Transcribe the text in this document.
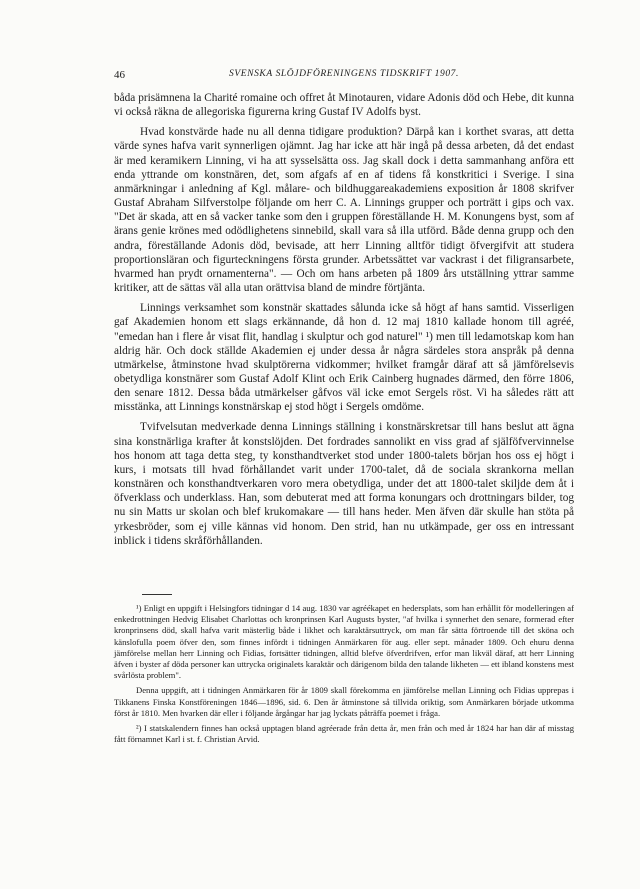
46	SVENSKA SLÖJDFÖRENINGENS TIDSKRIFT 1907.

båda prisämnena la Charité romaine och offret åt Minotauren, vidare Adonis död och Hebe, dit kunna vi också räkna de allegoriska figurerna kring Gustaf IV Adolfs byst.

Hvad konstvärde hade nu all denna tidigare produktion? Därpå kan i korthet svaras, att detta värde synes hafva varit synnerligen ojämnt. Jag har icke att här ingå på dessa arbeten, då det endast är med keramikern Linning, vi ha att sysselsätta oss. Jag skall dock i detta sammanhang anföra ett enda yttrande om konstnären, det, som afgafs af en af tidens få konstkritici i Sverige. I sina anmärkningar i anledning af Kgl. målare- och bildhuggareakademiens exposition år 1808 skrifver Gustaf Abraham Silfverstolpe följande om herr C. A. Linnings grupper och porträtt i gips och vax. "Det är skada, att en så vacker tanke som den i gruppen föreställande H. M. Konungens byst, som af ärans genie krönes med odödlighetens sinnebild, skall vara så illa utförd. Både denna grupp och den andra, föreställande Adonis död, bevisade, att herr Linning alltför tidigt öfvergifvit att studera proportionsläran och figurteckningens första grunder. Arbetssättet var vackrast i det filigransarbete, hvarmed han prydt ornamenterna". — Och om hans arbeten på 1809 års utställning yttrar samme kritiker, att de sättas väl alla utan orättvisa bland de mindre förtjänta.

Linnings verksamhet som konstnär skattades sålunda icke så högt af hans samtid. Visserligen gaf Akademien honom ett slags erkännande, då hon d. 12 maj 1810 kallade honom till agréé, "emedan han i flere år visat flit, handlag i skulptur och god naturel" ¹) men till ledamotskap kom han aldrig här. Och dock ställde Akademien ej under dessa år några särdeles stora anspråk på denna utmärkelse, åtminstone hvad skulptörerna vidkommer; hvilket framgår däraf att så jämförelsevis obetydliga konstnärer som Gustaf Adolf Klint och Erik Cainberg hugnades därmed, den förre 1806, den senare 1812. Dessa båda utmärkelser gåfvos väl icke emot Sergels röst. Vi ha således rätt att misstänka, att Linnings konstnärskap ej stod högt i Sergels omdöme.

Tvifvelsutan medverkade denna Linnings ställning i konstnärskretsar till hans beslut att ägna sina konstnärliga krafter åt konstslöjden. Det fordrades sannolikt en viss grad af själföfvervinnelse hos honom att taga detta steg, ty konsthandtverket stod under 1800-talets början hos oss ej högt i kurs, i motsats till hvad förhållandet varit under 1700-talet, då de sociala skrankorna mellan konstnären och konsthandtverkaren voro mera obetydliga, under det att 1800-talet skiljde dem åt i öfverklass och underklass. Han, som debuterat med att forma konungars och drottningars bilder, tog nu sin Matts ur skolan och blef krukomakare — till hans heder. Men äfven där skulle han stöta på yrkesbröder, som ej ville kännas vid honom. Den strid, han nu utkämpade, ger oss en intressant inblick i tidens skråförhållanden.

¹) Enligt en uppgift i Helsingfors tidningar d 14 aug. 1830 var agréékapet en hedersplats, som han erhållit för modelleringen af enkedrottningen Hedvig Elisabet Charlottas och kronprinsen Karl Augusts byster, "af hvilka i synnerhet den senare, formerad efter kronprinsens död, skall hafva varit mästerlig både i likhet och karaktärsuttryck, om man får sätta förtroende till det sköna och känslofulla poem öfver den, som finnes infördt i tidningen Anmärkaren för aug. eller sept. månader 1809. Och ehuru denna jämförelse mellan herr Linning och Fidias, fortsätter tidningen, alltid blefve öfverdrifven, erfor man likväl däraf, att herr Linning äfven i byster af döda personer kan uttrycka originalets karaktär och därigenom bilda den talande likheten — ett ibland konstens mest svårlösta problem".

Denna uppgift, att i tidningen Anmärkaren för år 1809 skall förekomma en jämförelse mellan Linning och Fidias upprepas i Tikkanens Finska Konstföreningen 1846—1896, sid. 6. Den år åtminstone så tillvida oriktig, som Anmärkaren började utkomma först år 1810. Men hvarken där eller i följande årgångar har jag lyckats påträffa poemet i fråga.

²) I statskalendern finnes han också upptagen bland agréerade från detta år, men från och med år 1824 har han där af misstag fått förnamnet Karl i st. f. Christian Arvid.
